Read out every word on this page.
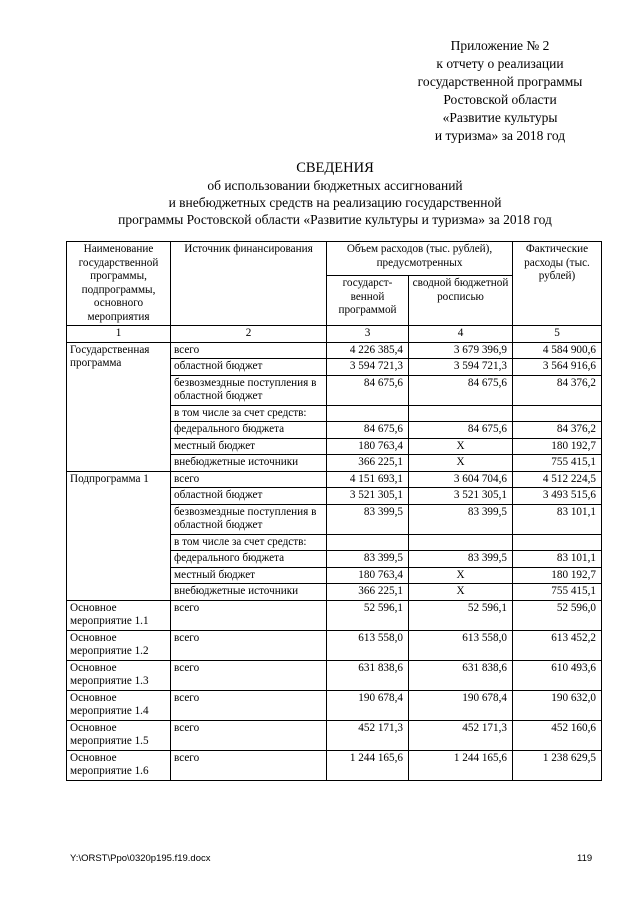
Приложение № 2
к отчету о реализации
государственной программы
Ростовской области
«Развитие культуры
и туризма» за 2018 год
СВЕДЕНИЯ
об использовании бюджетных ассигнований
и внебюджетных средств на реализацию государственной
программы Ростовской области «Развитие культуры и туризма» за 2018 год
Наименование государственной программы, подпрограммы, основного мероприятия	Источник финансирования	Объем расходов (тыс. рублей), предусмотренных		Фактические расходы (тыс. рублей)
		государст-венной программой	сводной бюджетной росписью	
1	2	3	4	5
Государственная программа	всего	4 226 385,4	3 679 396,9	4 584 900,6
	областной бюджет	3 594 721,3	3 594 721,3	3 564 916,6
	безвозмездные поступления в областной бюджет	84 675,6	84 675,6	84 376,2
	в том числе за счет средств:			
	федерального бюджета	84 675,6	84 675,6	84 376,2
	местный бюджет	180 763,4	Х	180 192,7
	внебюджетные источники	366 225,1	Х	755 415,1
Подпрограмма 1	всего	4 151 693,1	3 604 704,6	4 512 224,5
	областной бюджет	3 521 305,1	3 521 305,1	3 493 515,6
	безвозмездные поступления в областной бюджет	83 399,5	83 399,5	83 101,1
	в том числе за счет средств:			
	федерального бюджета	83 399,5	83 399,5	83 101,1
	местный бюджет	180 763,4	Х	180 192,7
	внебюджетные источники	366 225,1	Х	755 415,1
Основное мероприятие 1.1	всего	52 596,1	52 596,1	52 596,0
Основное мероприятие 1.2	всего	613 558,0	613 558,0	613 452,2
Основное мероприятие 1.3	всего	631 838,6	631 838,6	610 493,6
Основное мероприятие 1.4	всего	190 678,4	190 678,4	190 632,0
Основное мероприятие 1.5	всего	452 171,3	452 171,3	452 160,6
Основное мероприятие 1.6	всего	1 244 165,6	1 244 165,6	1 238 629,5
Y:\ORST\Ppo\0320p195.f19.docx	119
